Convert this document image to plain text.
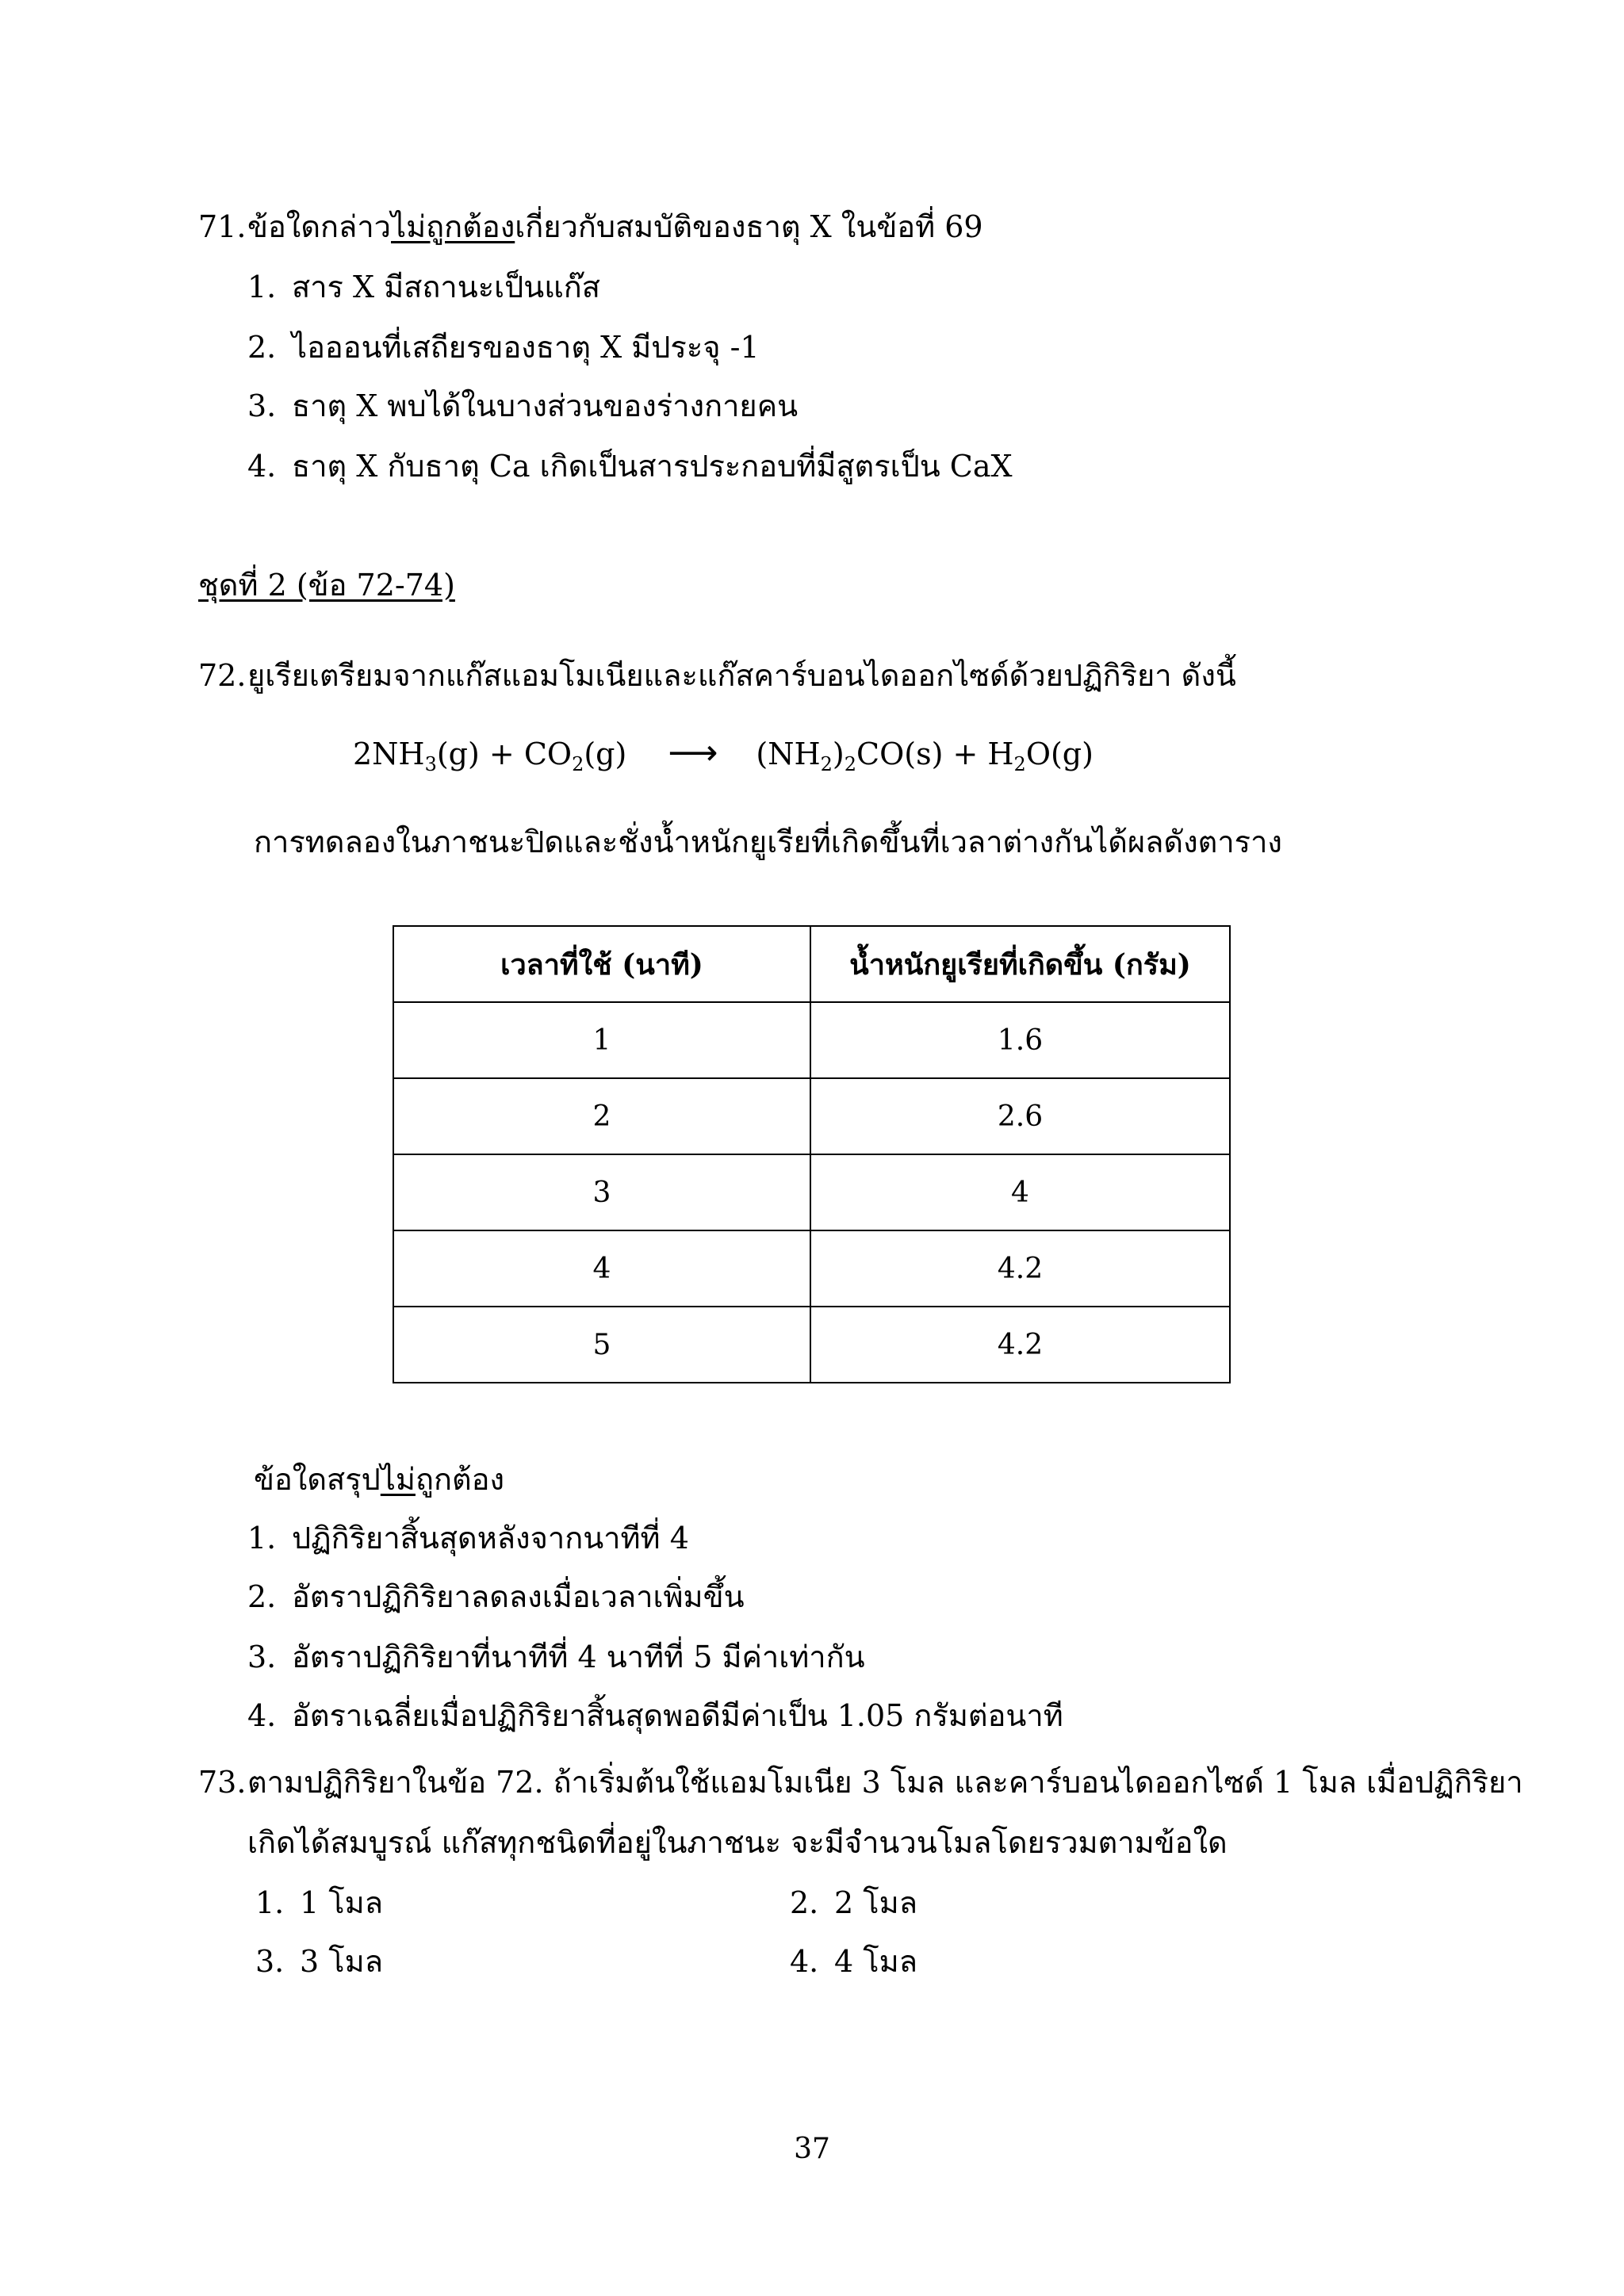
71.ข้อใดกล่าวไม่ถูกต้องเกี่ยวกับสมบัติของธาตุ X ในข้อที่ 69
1. สาร X มีสถานะเป็นแก๊ส
2. ไอออนที่เสถียรของธาตุ X มีประจุ -1
3. ธาตุ X พบได้ในบางส่วนของร่างกายคน
4. ธาตุ X กับธาตุ Ca เกิดเป็นสารประกอบที่มีสูตรเป็น CaX
ชุดที่ 2 (ข้อ 72-74)
72.ยูเรียเตรียมจากแก๊สแอมโมเนียและแก๊สคาร์บอนไดออกไซด์ด้วยปฏิกิริยา ดังนี้
$2NH_3(g) + CO_2(g)$ ⟶ $(NH_2)_2CO(s) + H_2O(g)$
การทดลองในภาชนะปิดและชั่งน้ำหนักยูเรียที่เกิดขึ้นที่เวลาต่างกันได้ผลดังตาราง
เวลาที่ใช้ (นาที)	น้ำหนักยูเรียที่เกิดขึ้น (กรัม)
1	1.6
2	2.6
3	4
4	4.2
5	4.2
ข้อใดสรุปไม่ถูกต้อง
1. ปฏิกิริยาสิ้นสุดหลังจากนาทีที่ 4
2. อัตราปฏิกิริยาลดลงเมื่อเวลาเพิ่มขึ้น
3. อัตราปฏิกิริยาที่นาทีที่ 4 นาทีที่ 5 มีค่าเท่ากัน
4. อัตราเฉลี่ยเมื่อปฏิกิริยาสิ้นสุดพอดีมีค่าเป็น 1.05 กรัมต่อนาที
73.ตามปฏิกิริยาในข้อ 72. ถ้าเริ่มต้นใช้แอมโมเนีย 3 โมล และคาร์บอนไดออกไซด์ 1 โมล เมื่อปฏิกิริยา
เกิดได้สมบูรณ์ แก๊สทุกชนิดที่อยู่ในภาชนะ จะมีจำนวนโมลโดยรวมตามข้อใด
1. 1 โมล	2. 2 โมล
3. 3 โมล	4. 4 โมล
37
